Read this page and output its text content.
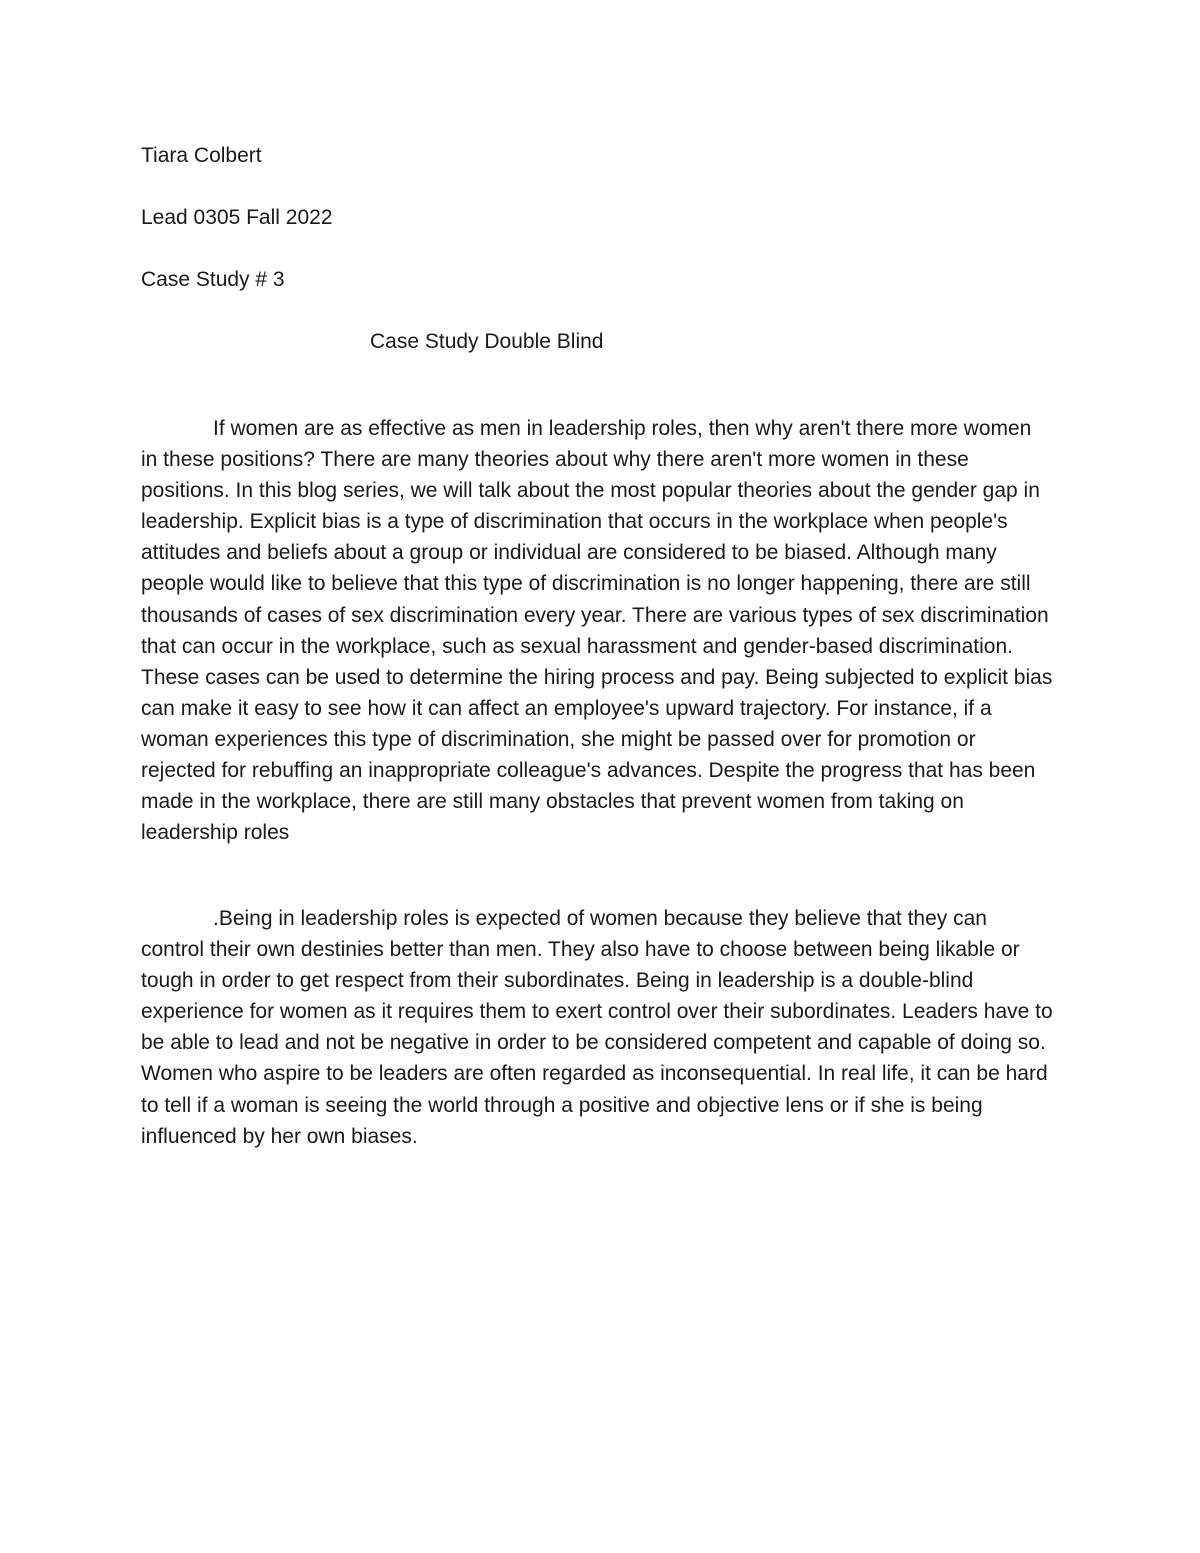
Tiara Colbert
Lead 0305 Fall 2022
Case Study # 3
Case Study Double Blind

If women are as effective as men in leadership roles, then why aren't there more women in these positions? There are many theories about why there aren't more women in these positions. In this blog series, we will talk about the most popular theories about the gender gap in leadership. Explicit bias is a type of discrimination that occurs in the workplace when people's attitudes and beliefs about a group or individual are considered to be biased. Although many people would like to believe that this type of discrimination is no longer happening, there are still thousands of cases of sex discrimination every year. There are various types of sex discrimination that can occur in the workplace, such as sexual harassment and gender-based discrimination. These cases can be used to determine the hiring process and pay. Being subjected to explicit bias can make it easy to see how it can affect an employee's upward trajectory. For instance, if a woman experiences this type of discrimination, she might be passed over for promotion or rejected for rebuffing an inappropriate colleague's advances. Despite the progress that has been made in the workplace, there are still many obstacles that prevent women from taking on leadership roles

.Being in leadership roles is expected of women because they believe that they can control their own destinies better than men. They also have to choose between being likable or tough in order to get respect from their subordinates. Being in leadership is a double-blind experience for women as it requires them to exert control over their subordinates. Leaders have to be able to lead and not be negative in order to be considered competent and capable of doing so. Women who aspire to be leaders are often regarded as inconsequential. In real life, it can be hard to tell if a woman is seeing the world through a positive and objective lens or if she is being influenced by her own biases.
